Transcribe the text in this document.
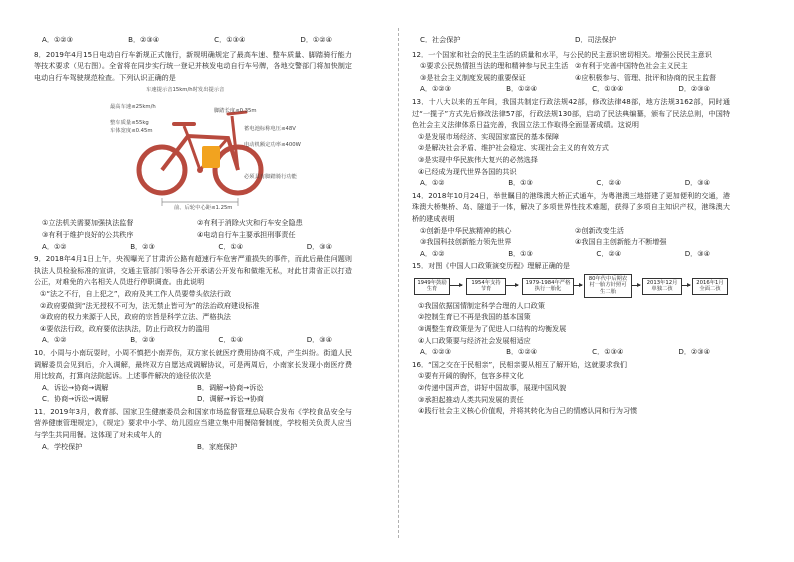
A．①②③	B．②③④	C．①③④	D．①②④
8．2019年4月15日电动自行车新规正式施行，新规明确规定了最高车速、整车质量、脚踏骑行能力等技术要求（见右图）。全省将在同步实行统一登记并核发电动自行车号牌，各地交警部门将加快制定电动自行车驾驶规范检查。下列认识正确的是
车速提示音15km/h时发出提示音
最高车速≤25km/h
脚踏长度≤0.35m
整车质量≤55kg
车体宽度≤0.45m	蓄电池标称电压≤48V
电动机额定功率≤400W
必须具有脚踏骑行功能
前、后轮中心距≤1.25m
①立法机关需要加强执法监督	②有利于消除火灾和行车安全隐患
③有利于维护良好的公共秩序	④电动自行车主要承担刑事责任
A．①②	B．②③	C．①④	D．③④
9．2018年4月1日上午，央视曝光了甘肃沂公路有超速行车危害严重损失的事件，而此后最佳问题则执法人员检验标准的宣讲，交通主管部门领导各公开承诺公开发布和做维无私，对此甘肃省正以打造公正，对难免的六名相关人员进行停职调查。由此说明
①“法之不行，自上犯之”，政府及其工作人员要带头依法行政
②政府要做到“法无授权不可为，法无禁止皆可为”的法治政府建设标准
③政府的权力来源于人民，政府的宗旨是科学立法、严格执法
④要依法行政，政府要依法执法，防止行政权力的滥用
A．①②	B．②③	C．①④	D．③④
10．小周与小南玩耍时，小周不慎把小南弄伤，双方家长就医疗费用协商不成，产生纠纷。街道人民调解委员会见到后，介入调解，最终双方自愿达成调解协议，可是两周后，小南家长发现小南医疗费用比较高，打算向法院起诉。上述事件解决的途径依次是
A．诉讼→协商→调解	B．调解→协商→诉讼
C．协商→诉讼→调解	D．调解→诉讼→协商
11．2019年3月，教育部、国家卫生健康委员会和国家市场监督管理总局联合发布《学校食品安全与营养健康管理规定》，《规定》要求中小学、幼儿园应当建立集中用餐陪餐制度，学校相关负责人应当与学生共同用餐。这体现了对未成年人的
A．学校保护	B．家庭保护
C．社会保护	D．司法保护
12．一个国家和社会的民主生活的质量和水平，与公民的民主意识密切相关。增强公民民主意识
①要求公民热情担当法的理和精神参与民主生活 ②有利于完善中国特色社会主义民主
③是社会主义制度发展的重要保证	④应积极参与、管理、批评和协商的民主监督
A．①②③	B．①②④	C．①③④	D．②③④
13．十八大以来的五年间，我国共制定行政法规42部，修改法律48部，地方法规3162部，同时通过“一揽子”方式先后修改法律57部，行政法规130部，启动了民法典编纂，颁布了民法总则，中国特色社会主义法律体系日益完善，我国立法工作取得全面显著成绩。这说明
①是发展市场经济、实现国家富民的基本保障
②是解决社会矛盾、维护社会稳定、实现社会主义的有效方式
③是实现中华民族伟大复兴的必然选择
④已经成为现代世界各国的共识
A．①②	B．①③	C．②④	D．③④
14．2018年10月24日，举世瞩目的港珠澳大桥正式通车，为粤港澳三地搭建了更加便利的交通，港珠澳大桥集桥、岛、隧道于一体，解决了多项世界性技术难题，获得了多项自主知识产权，港珠澳大桥的建成表明
①创新是中华民族精神的核心	②创新改变生活
③我国科技创新能力领先世界	④我国自主创新能力不断增强
A．①②	B．①③	C．②④	D．③④
15．对图《中国人口政策演变历程》理解正确的是
1949年鼓励生育
1954年支持节育
1979-1984年严格执行一胎化
80年代中后期农村一胎方针照可生二胎
2013年12月单独二孩
2016年1月全面二孩
①我国依据国情制定科学合理的人口政策
②控制生育已不再是我国的基本国策
③调整生育政策是为了促进人口结构的均衡发展
④人口政策要与经济社会发展相适应
A．①②③	B．①②④	C．①③④	D．②③④
16．“国之交在于民相亲”，民相亲要从相互了解开始，这就要求我们
①要有开阔的胸怀，包容多样文化
②传递中国声音，讲好中国故事，展现中国风貌
③承担起推动人类共同发展的责任
④践行社会主义核心价值观，并将其转化为自己的情感认同和行为习惯
